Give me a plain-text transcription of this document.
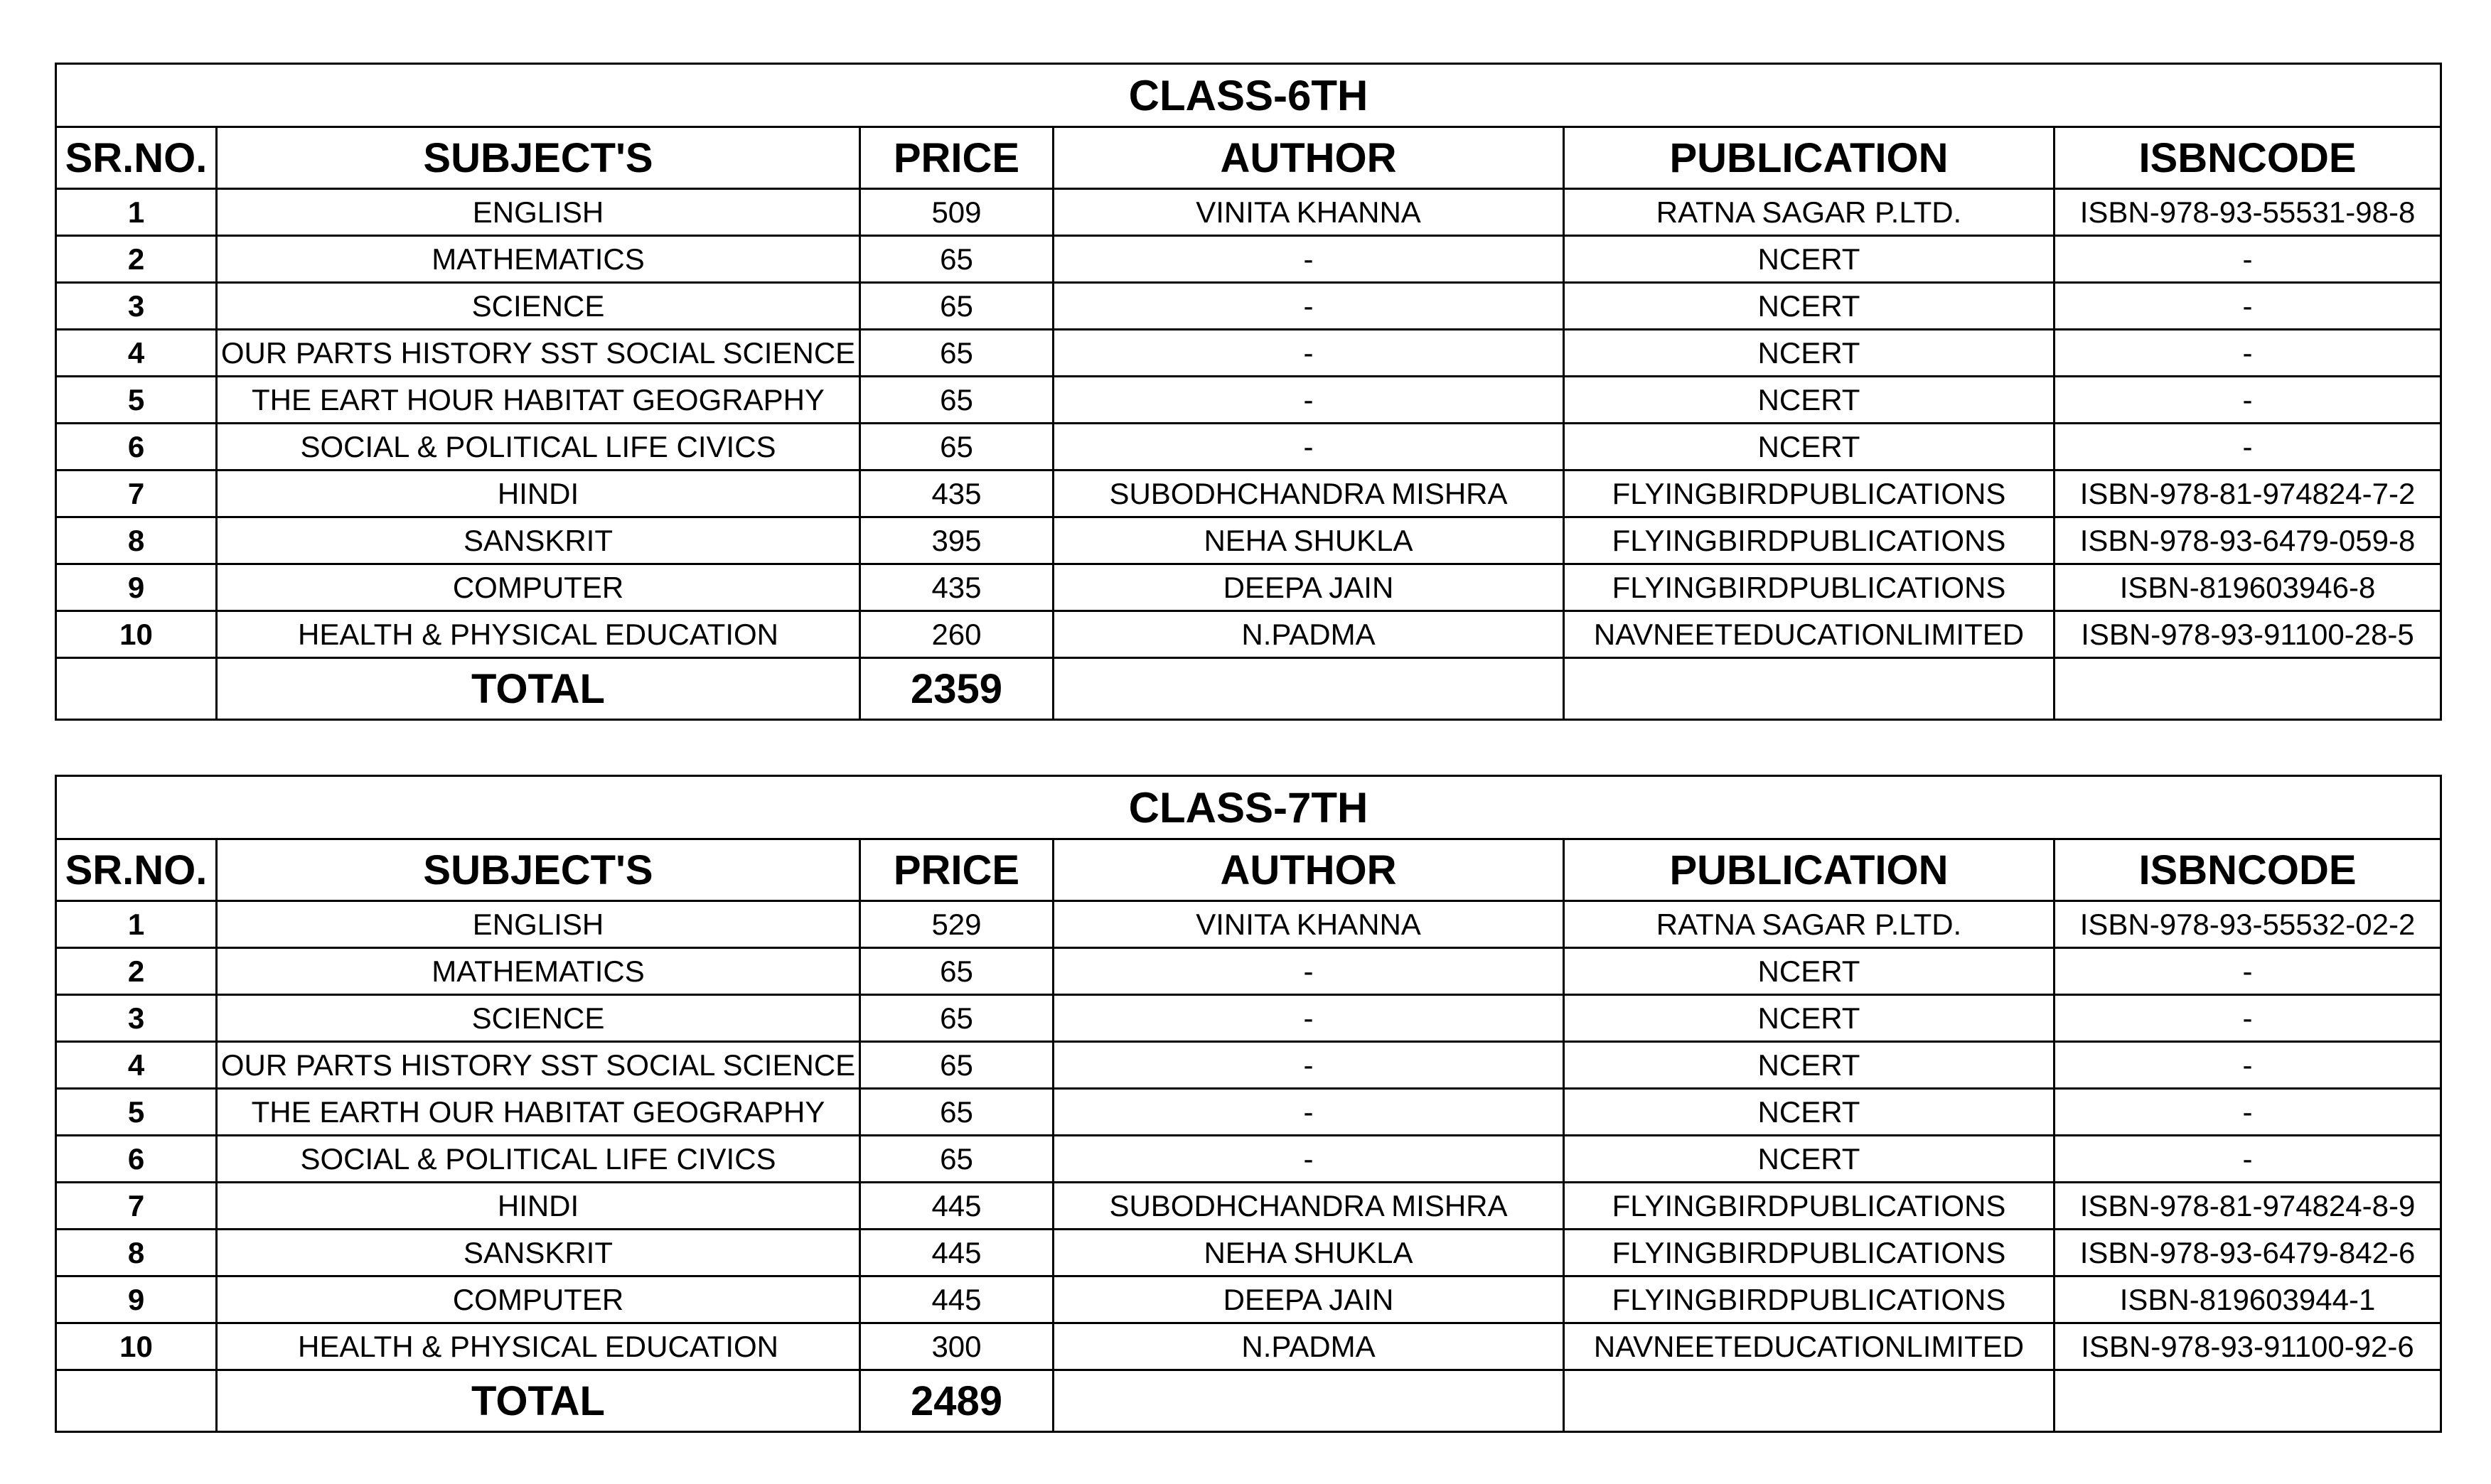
CLASS-6TH					
SR.NO.	SUBJECT'S	PRICE	AUTHOR	PUBLICATION	ISBNCODE
1	ENGLISH	509	VINITA KHANNA	RATNA SAGAR P.LTD.	ISBN-978-93-55531-98-8
2	MATHEMATICS	65	-	NCERT	-
3	SCIENCE	65	-	NCERT	-
4	OUR PARTS HISTORY SST SOCIAL SCIENCE	65	-	NCERT	-
5	THE EART HOUR HABITAT GEOGRAPHY	65	-	NCERT	-
6	SOCIAL & POLITICAL LIFE CIVICS	65	-	NCERT	-
7	HINDI	435	SUBODHCHANDRA MISHRA	FLYINGBIRDPUBLICATIONS	ISBN-978-81-974824-7-2
8	SANSKRIT	395	NEHA SHUKLA	FLYINGBIRDPUBLICATIONS	ISBN-978-93-6479-059-8
9	COMPUTER	435	DEEPA JAIN	FLYINGBIRDPUBLICATIONS	ISBN-819603946-8
10	HEALTH & PHYSICAL EDUCATION	260	N.PADMA	NAVNEETEDUCATIONLIMITED	ISBN-978-93-91100-28-5
	TOTAL	2359			
CLASS-7TH					
SR.NO.	SUBJECT'S	PRICE	AUTHOR	PUBLICATION	ISBNCODE
1	ENGLISH	529	VINITA KHANNA	RATNA SAGAR P.LTD.	ISBN-978-93-55532-02-2
2	MATHEMATICS	65	-	NCERT	-
3	SCIENCE	65	-	NCERT	-
4	OUR PARTS HISTORY SST SOCIAL SCIENCE	65	-	NCERT	-
5	THE EARTH OUR HABITAT GEOGRAPHY	65	-	NCERT	-
6	SOCIAL & POLITICAL LIFE CIVICS	65	-	NCERT	-
7	HINDI	445	SUBODHCHANDRA MISHRA	FLYINGBIRDPUBLICATIONS	ISBN-978-81-974824-8-9
8	SANSKRIT	445	NEHA SHUKLA	FLYINGBIRDPUBLICATIONS	ISBN-978-93-6479-842-6
9	COMPUTER	445	DEEPA JAIN	FLYINGBIRDPUBLICATIONS	ISBN-819603944-1
10	HEALTH & PHYSICAL EDUCATION	300	N.PADMA	NAVNEETEDUCATIONLIMITED	ISBN-978-93-91100-92-6
	TOTAL	2489			
